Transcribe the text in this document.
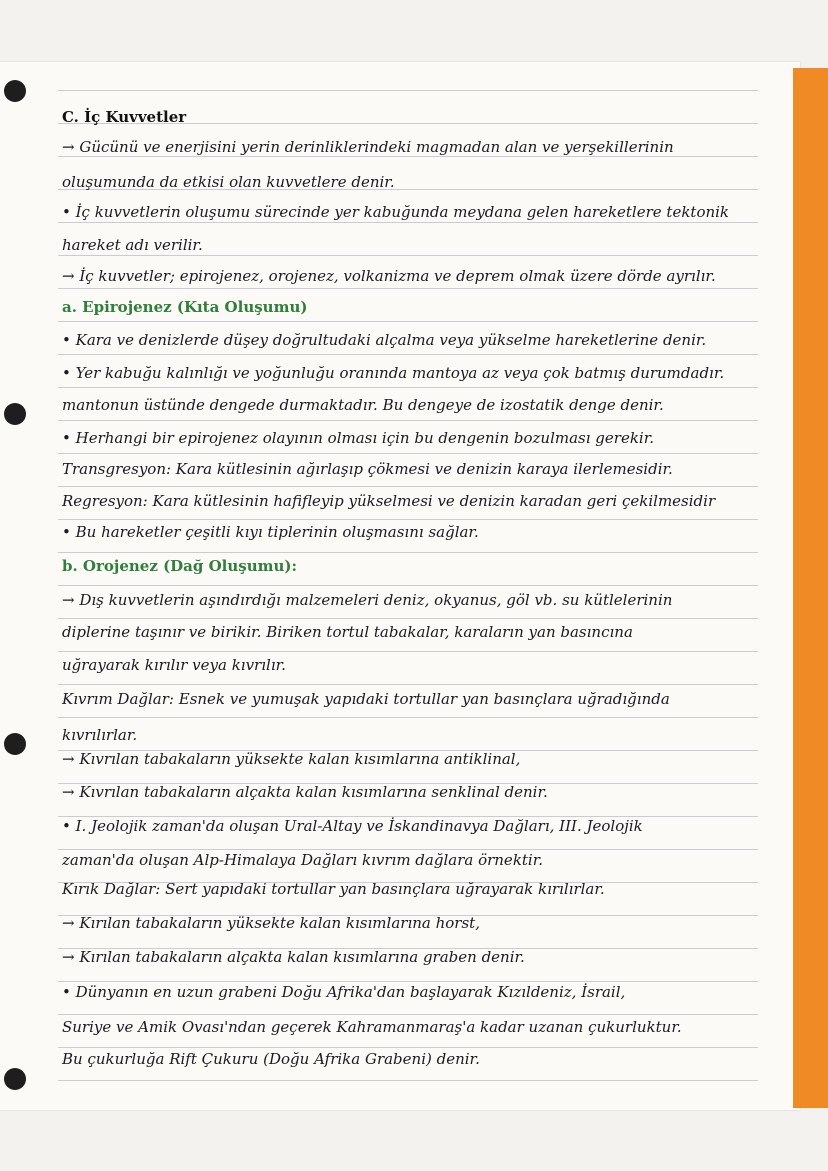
C. İç Kuvvetler
→ Gücünü ve enerjisini yerin derinliklerindeki magmadan alan ve yerşekillerinin
oluşumunda da etkisi olan kuvvetlere denir.
• İç kuvvetlerin oluşumu sürecinde yer kabuğunda meydana gelen hareketlere tektonik
hareket adı verilir.
→ İç kuvvetler; epirojenez, orojenez, volkanizma ve deprem olmak üzere dörde ayrılır.
a. Epirojenez (Kıta Oluşumu)
• Kara ve denizlerde düşey doğrultudaki alçalma veya yükselme hareketlerine denir.
• Yer kabuğu kalınlığı ve yoğunluğu oranında mantoya az veya çok batmış durumdadır.
mantonun üstünde dengede durmaktadır. Bu dengeye de izostatik denge denir.
• Herhangi bir epirojenez olayının olması için bu dengenin bozulması gerekir.
Transgresyon: Kara kütlesinin ağırlaşıp çökmesi ve denizin karaya ilerlemesidir.
Regresyon: Kara kütlesinin hafifleyip yükselmesi ve denizin karadan geri çekilmesidir
• Bu hareketler çeşitli kıyı tiplerinin oluşmasını sağlar.
b. Orojenez (Dağ Oluşumu):
→ Dış kuvvetlerin aşındırdığı malzemeleri deniz, okyanus, göl vb. su kütlelerinin
diplerine taşınır ve birikir. Biriken tortul tabakalar, karaların yan basıncına
uğrayarak kırılır veya kıvrılır.
Kıvrım Dağlar: Esnek ve yumuşak yapıdaki tortullar yan basınçlara uğradığında
kıvrılırlar.
→ Kıvrılan tabakaların yüksekte kalan kısımlarına antiklinal,
→ Kıvrılan tabakaların alçakta kalan kısımlarına senklinal denir.
• I. Jeolojik zaman'da oluşan Ural-Altay ve İskandinavya Dağları, III. Jeolojik
zaman'da oluşan Alp-Himalaya Dağları kıvrım dağlara örnektir.
Kırık Dağlar: Sert yapıdaki tortullar yan basınçlara uğrayarak kırılırlar.
→ Kırılan tabakaların yüksekte kalan kısımlarına horst,
→ Kırılan tabakaların alçakta kalan kısımlarına graben denir.
• Dünyanın en uzun grabeni Doğu Afrika'dan başlayarak Kızıldeniz, İsrail,
Suriye ve Amik Ovası'ndan geçerek Kahramanmaraş'a kadar uzanan çukurluktur.
Bu çukurluğa Rift Çukuru (Doğu Afrika Grabeni) denir.
